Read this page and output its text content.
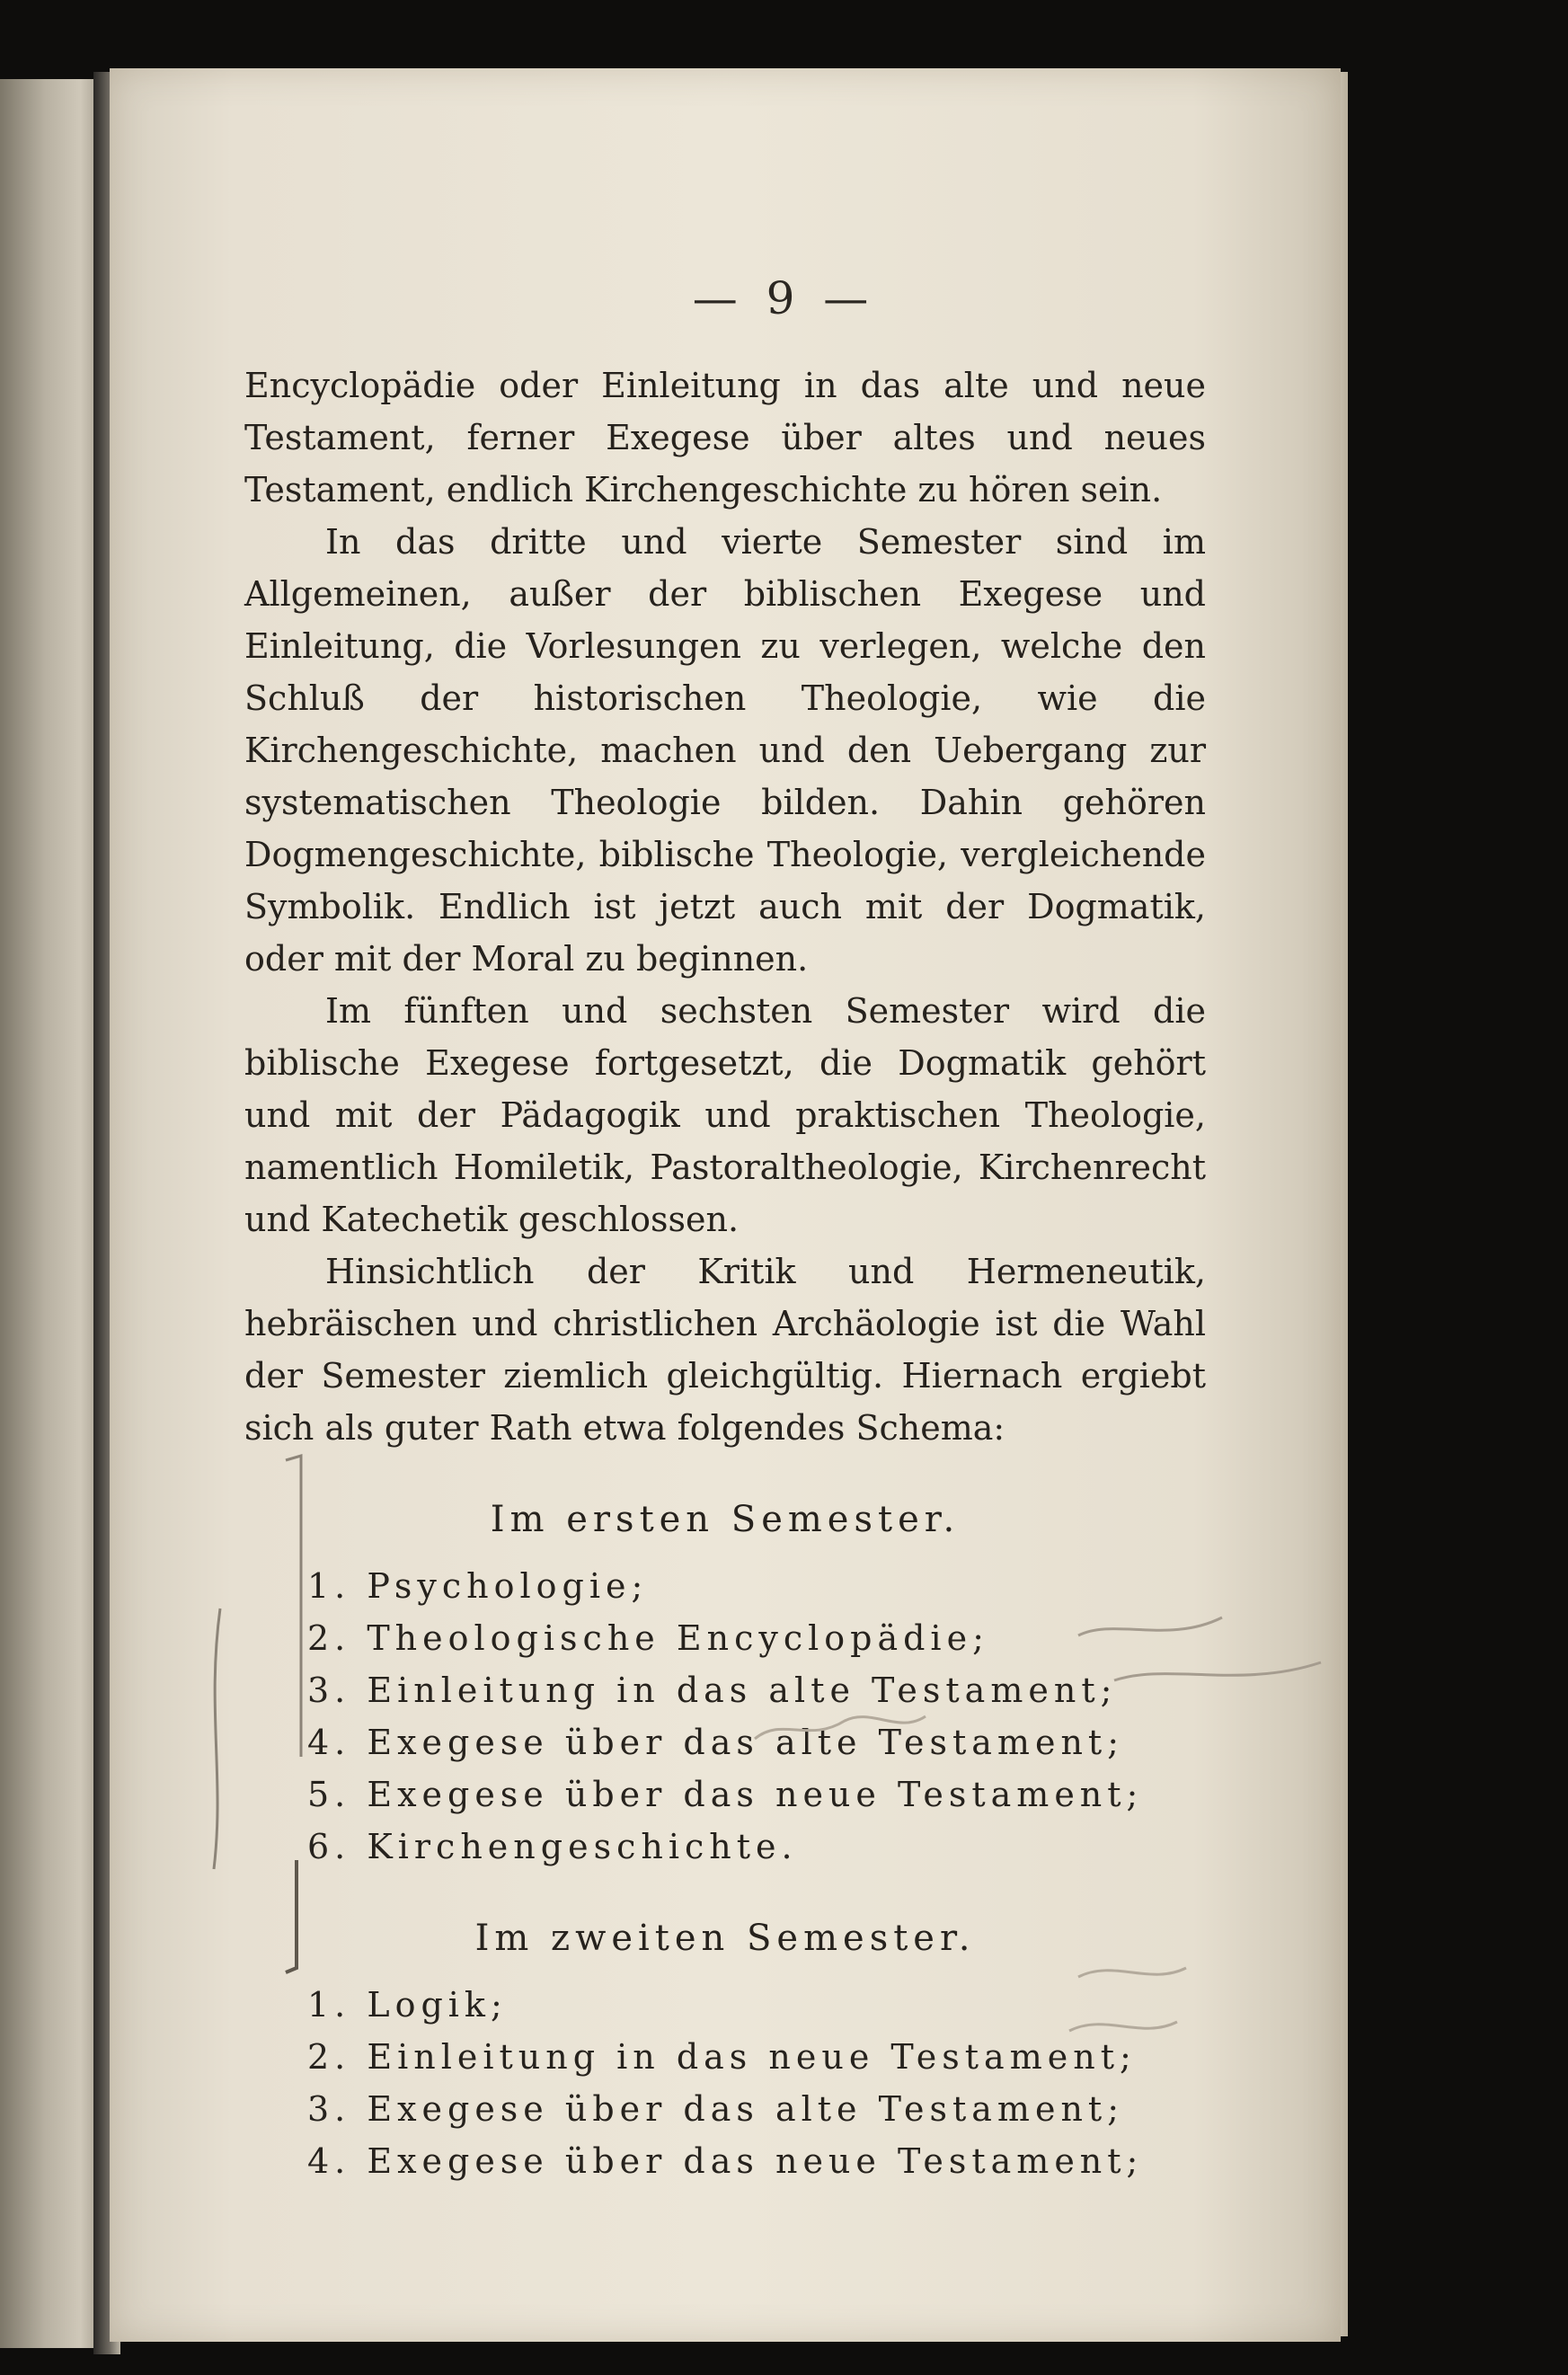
— 9 —

Encyclopädie oder Einleitung in das alte und neue Testament, ferner Exegese über altes und neues Testament, endlich Kirchengeschichte zu hören sein.

In das dritte und vierte Semester sind im Allgemeinen, außer der biblischen Exegese und Einleitung, die Vorlesungen zu verlegen, welche den Schluß der historischen Theologie, wie die Kirchengeschichte, machen und den Uebergang zur systematischen Theologie bilden. Dahin gehören Dogmengeschichte, biblische Theologie, vergleichende Symbolik. Endlich ist jetzt auch mit der Dogmatik, oder mit der Moral zu beginnen.

Im fünften und sechsten Semester wird die biblische Exegese fortgesetzt, die Dogmatik gehört und mit der Pädagogik und praktischen Theologie, namentlich Homiletik, Pastoraltheologie, Kirchenrecht und Katechetik geschlossen.

Hinsichtlich der Kritik und Hermeneutik, hebräischen und christlichen Archäologie ist die Wahl der Semester ziemlich gleichgültig. Hiernach ergiebt sich als guter Rath etwa folgendes Schema:

Im ersten Semester.
1. Psychologie;
2. Theologische Encyclopädie;
3. Einleitung in das alte Testament;
4. Exegese über das alte Testament;
5. Exegese über das neue Testament;
6. Kirchengeschichte.
Im zweiten Semester.
1. Logik;
2. Einleitung in das neue Testament;
3. Exegese über das alte Testament;
4. Exegese über das neue Testament;
